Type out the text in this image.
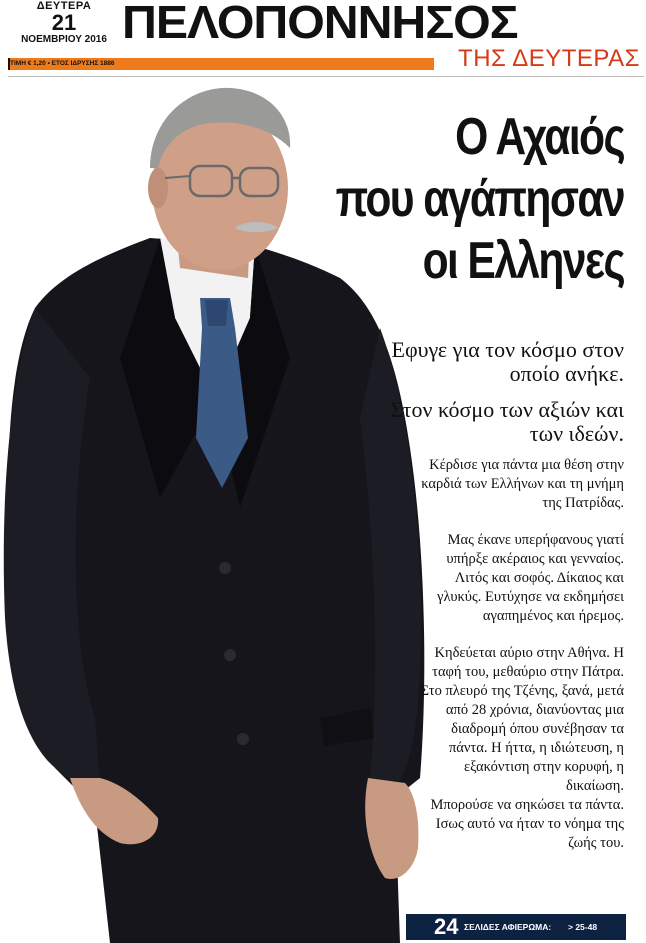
ΔΕΥΤΕΡΑ
21
ΝΟΕΜΒΡΙΟΥ 2016 ΠΕΛΟΠΟΝΝΗΣΟΣ
ΤΙΜΗ € 1,20 • ΕΤΟΣ ΙΔΡΥΣΗΣ 1886	ΤΗΣ ΔΕΥΤΕΡΑΣ
Ο Αχαιός
που αγάπησαν
οι Ελληνες

Εφυγε για τον κόσμο στον οποίο ανήκε.

Στον κόσμο των αξιών και των ιδεών.

Κέρδισε για πάντα μια θέση στην καρδιά των Ελλήνων και τη μνήμη της Πατρίδας.

Μας έκανε υπερήφανους γιατί υπήρξε ακέραιος και γενναίος. Λιτός και σοφός. Δίκαιος και γλυκύς. Ευτύχησε να εκδημήσει αγαπημένος και ήρεμος.

Κηδεύεται αύριο στην Αθήνα. Η ταφή του, μεθαύριο στην Πάτρα.

Στο πλευρό της Τζένης, ξανά, μετά από 28 χρόνια, διανύοντας μια διαδρομή όπου συνέβησαν τα πάντα. Η ήττα, η ιδιώτευση, η εξακόντιση στην κορυφή, η δικαίωση.

Μπορούσε να σηκώσει τα πάντα.

Ισως αυτό να ήταν το νόημα της ζωής του.

24 ΣΕΛΙΔΕΣ ΑΦΙΕΡΩΜΑ: > 25-48
